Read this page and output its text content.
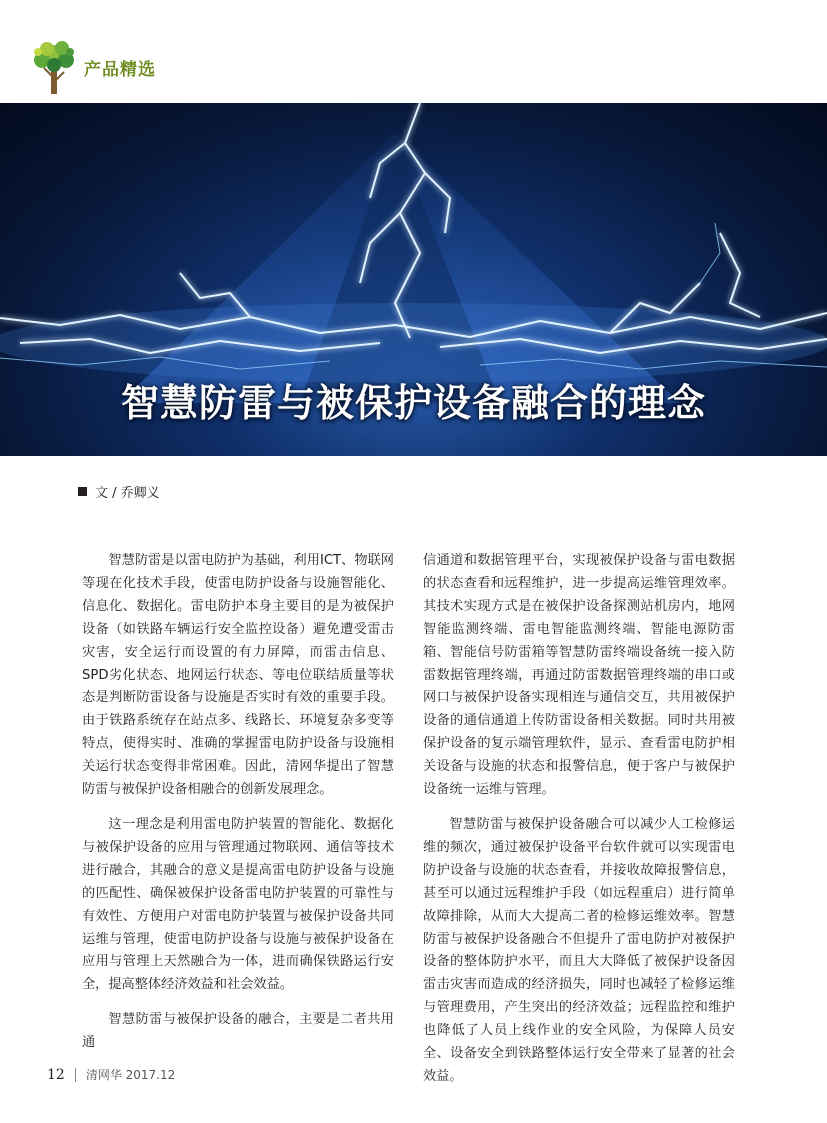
产品精选
智慧防雷与被保护设备融合的理念
文 / 乔卿义

智慧防雷是以雷电防护为基础，利用ICT、物联网等现在化技术手段，使雷电防护设备与设施智能化、信息化、数据化。雷电防护本身主要目的是为被保护设备（如铁路车辆运行安全监控设备）避免遭受雷击灾害，安全运行而设置的有力屏障，而雷击信息、SPD劣化状态、地网运行状态、等电位联结质量等状态是判断防雷设备与设施是否实时有效的重要手段。由于铁路系统存在站点多、线路长、环境复杂多变等特点，使得实时、准确的掌握雷电防护设备与设施相关运行状态变得非常困难。因此，清网华提出了智慧防雷与被保护设备相融合的创新发展理念。

这一理念是利用雷电防护装置的智能化、数据化与被保护设备的应用与管理通过物联网、通信等技术进行融合，其融合的意义是提高雷电防护设备与设施的匹配性、确保被保护设备雷电防护装置的可靠性与有效性、方便用户对雷电防护装置与被保护设备共同运维与管理，使雷电防护设备与设施与被保护设备在应用与管理上天然融合为一体，进而确保铁路运行安全，提高整体经济效益和社会效益。

智慧防雷与被保护设备的融合，主要是二者共用通

信通道和数据管理平台，实现被保护设备与雷电数据的状态查看和远程维护，进一步提高运维管理效率。其技术实现方式是在被保护设备探测站机房内，地网智能监测终端、雷电智能监测终端、智能电源防雷箱、智能信号防雷箱等智慧防雷终端设备统一接入防雷数据管理终端，再通过防雷数据管理终端的串口或网口与被保护设备实现相连与通信交互，共用被保护设备的通信通道上传防雷设备相关数据。同时共用被保护设备的复示端管理软件，显示、查看雷电防护相关设备与设施的状态和报警信息，便于客户与被保护设备统一运维与管理。

智慧防雷与被保护设备融合可以减少人工检修运维的频次，通过被保护设备平台软件就可以实现雷电防护设备与设施的状态查看，并接收故障报警信息，甚至可以通过远程维护手段（如远程重启）进行简单故障排除，从而大大提高二者的检修运维效率。智慧防雷与被保护设备融合不但提升了雷电防护对被保护设备的整体防护水平，而且大大降低了被保护设备因雷击灾害而造成的经济损失，同时也减轻了检修运维与管理费用，产生突出的经济效益；远程监控和维护也降低了人员上线作业的安全风险，为保障人员安全、设备安全到铁路整体运行安全带来了显著的社会效益。

12 清网华 2017.12
